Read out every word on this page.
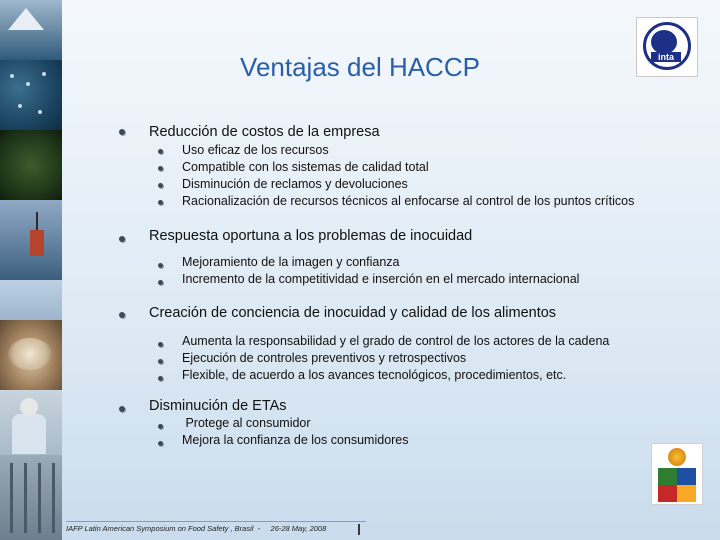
Ventajas del HACCP	inta
Reducción de costos de la empresa
Uso eficaz de los recursos
Compatible con los sistemas de calidad total
Disminución de reclamos y devoluciones
Racionalización de recursos técnicos al enfocarse al control de los puntos críticos
Respuesta oportuna a los problemas de inocuidad
Mejoramiento de la imagen y confianza
Incremento de la competitividad e inserción en el mercado internacional
Creación de conciencia de inocuidad y calidad de los alimentos
Aumenta la responsabilidad y el grado de control de los actores de la cadena
Ejecución de controles preventivos y retrospectivos
Flexible, de acuerdo a los avances tecnológicos, procedimientos, etc.
Disminución de ETAs
Protege al consumidor
Mejora la confianza de los consumidores
IAFP Latin American Symposium on Food Safety , Brasil  -     26-28 May, 2008
